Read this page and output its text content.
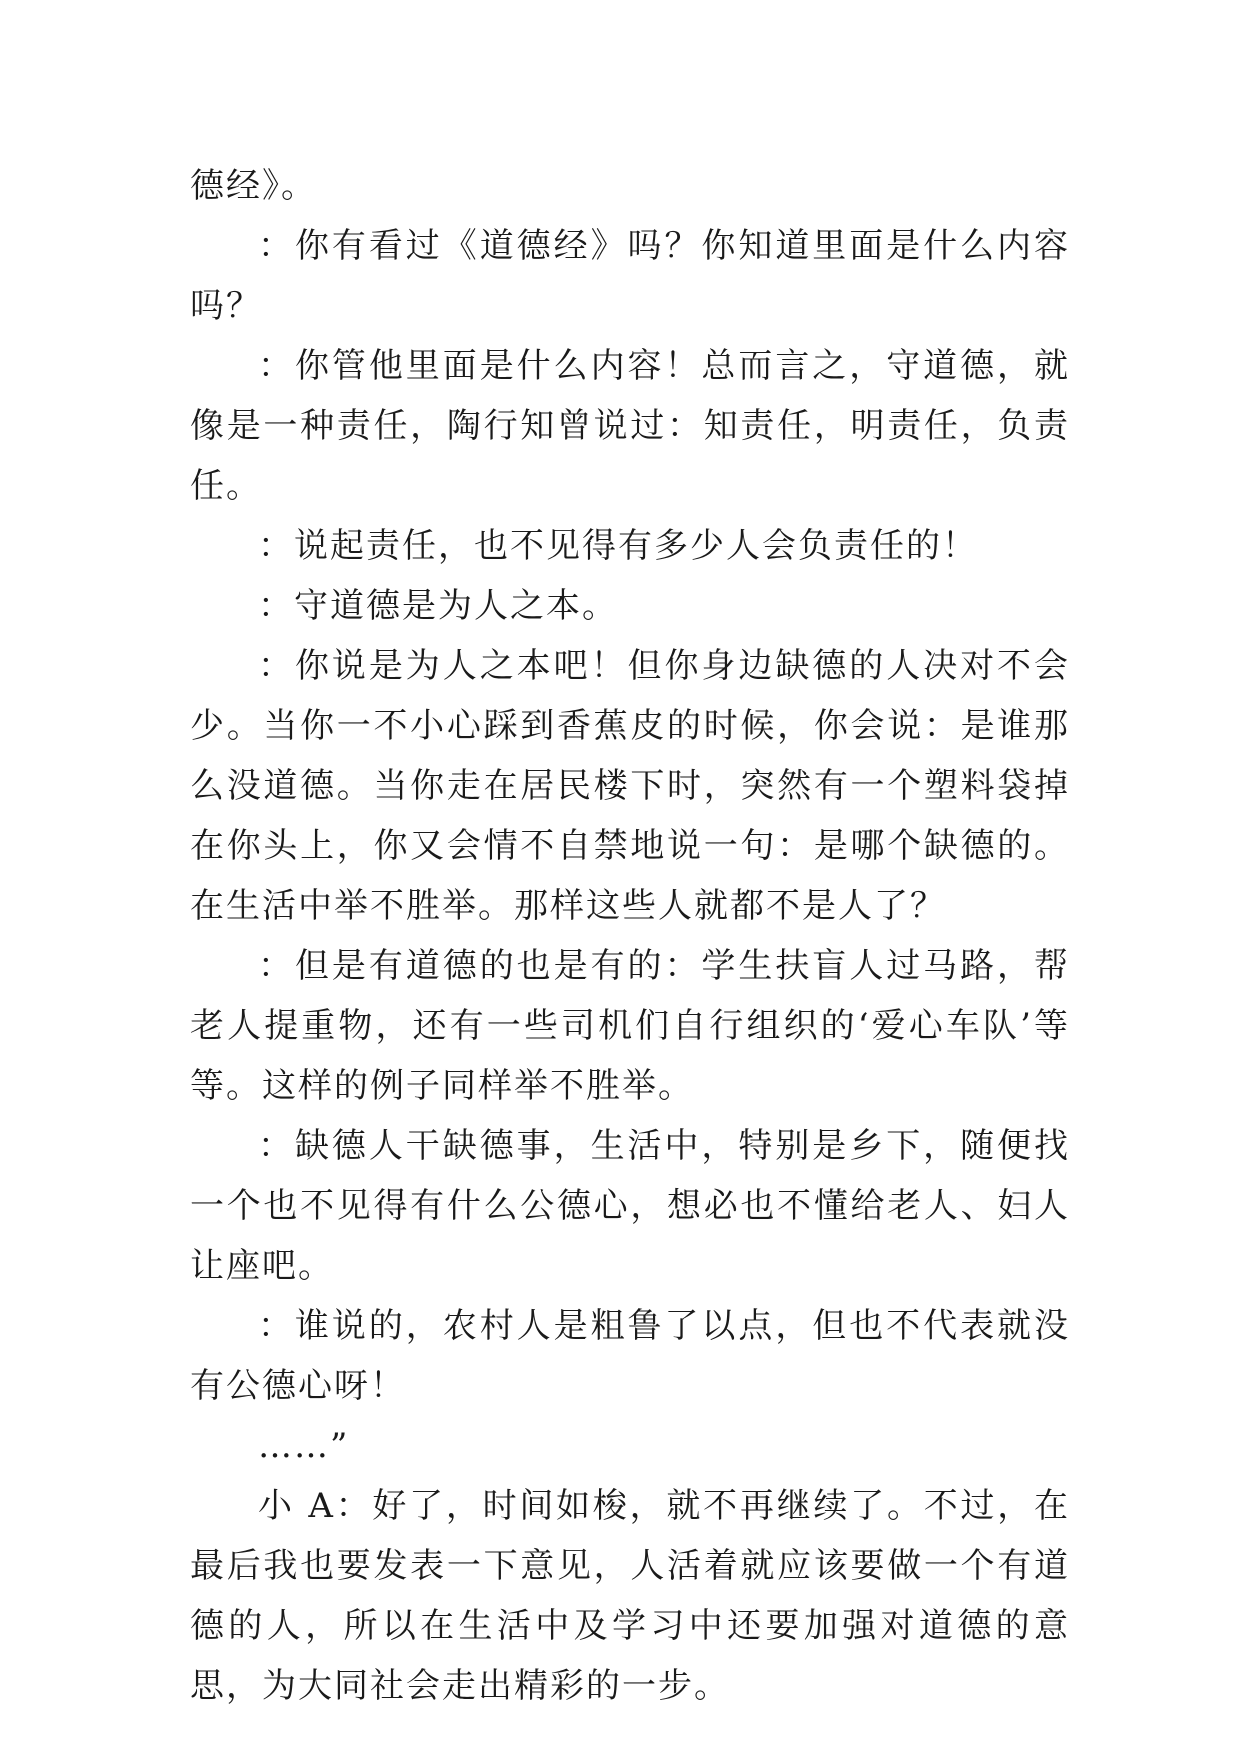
德经》。

：你有看过《道德经》吗？你知道里面是什么内容吗？

：你管他里面是什么内容！总而言之，守道德，就像是一种责任，陶行知曾说过：知责任，明责任，负责任。

：说起责任，也不见得有多少人会负责任的！

：守道德是为人之本。

：你说是为人之本吧！但你身边缺德的人决对不会少。当你一不小心踩到香蕉皮的时候，你会说：是谁那么没道德。当你走在居民楼下时，突然有一个塑料袋掉在你头上，你又会情不自禁地说一句：是哪个缺德的。在生活中举不胜举。那样这些人就都不是人了？

：但是有道德的也是有的：学生扶盲人过马路，帮老人提重物，还有一些司机们自行组织的‘爱心车队’等等。这样的例子同样举不胜举。

：缺德人干缺德事，生活中，特别是乡下，随便找一个也不见得有什么公德心，想必也不懂给老人、妇人让座吧。

：谁说的，农村人是粗鲁了以点，但也不代表就没有公德心呀！

……”

小 A：好了，时间如梭，就不再继续了。不过，在最后我也要发表一下意见，人活着就应该要做一个有道德的人，所以在生活中及学习中还要加强对道德的意思，为大同社会走出精彩的一步。
